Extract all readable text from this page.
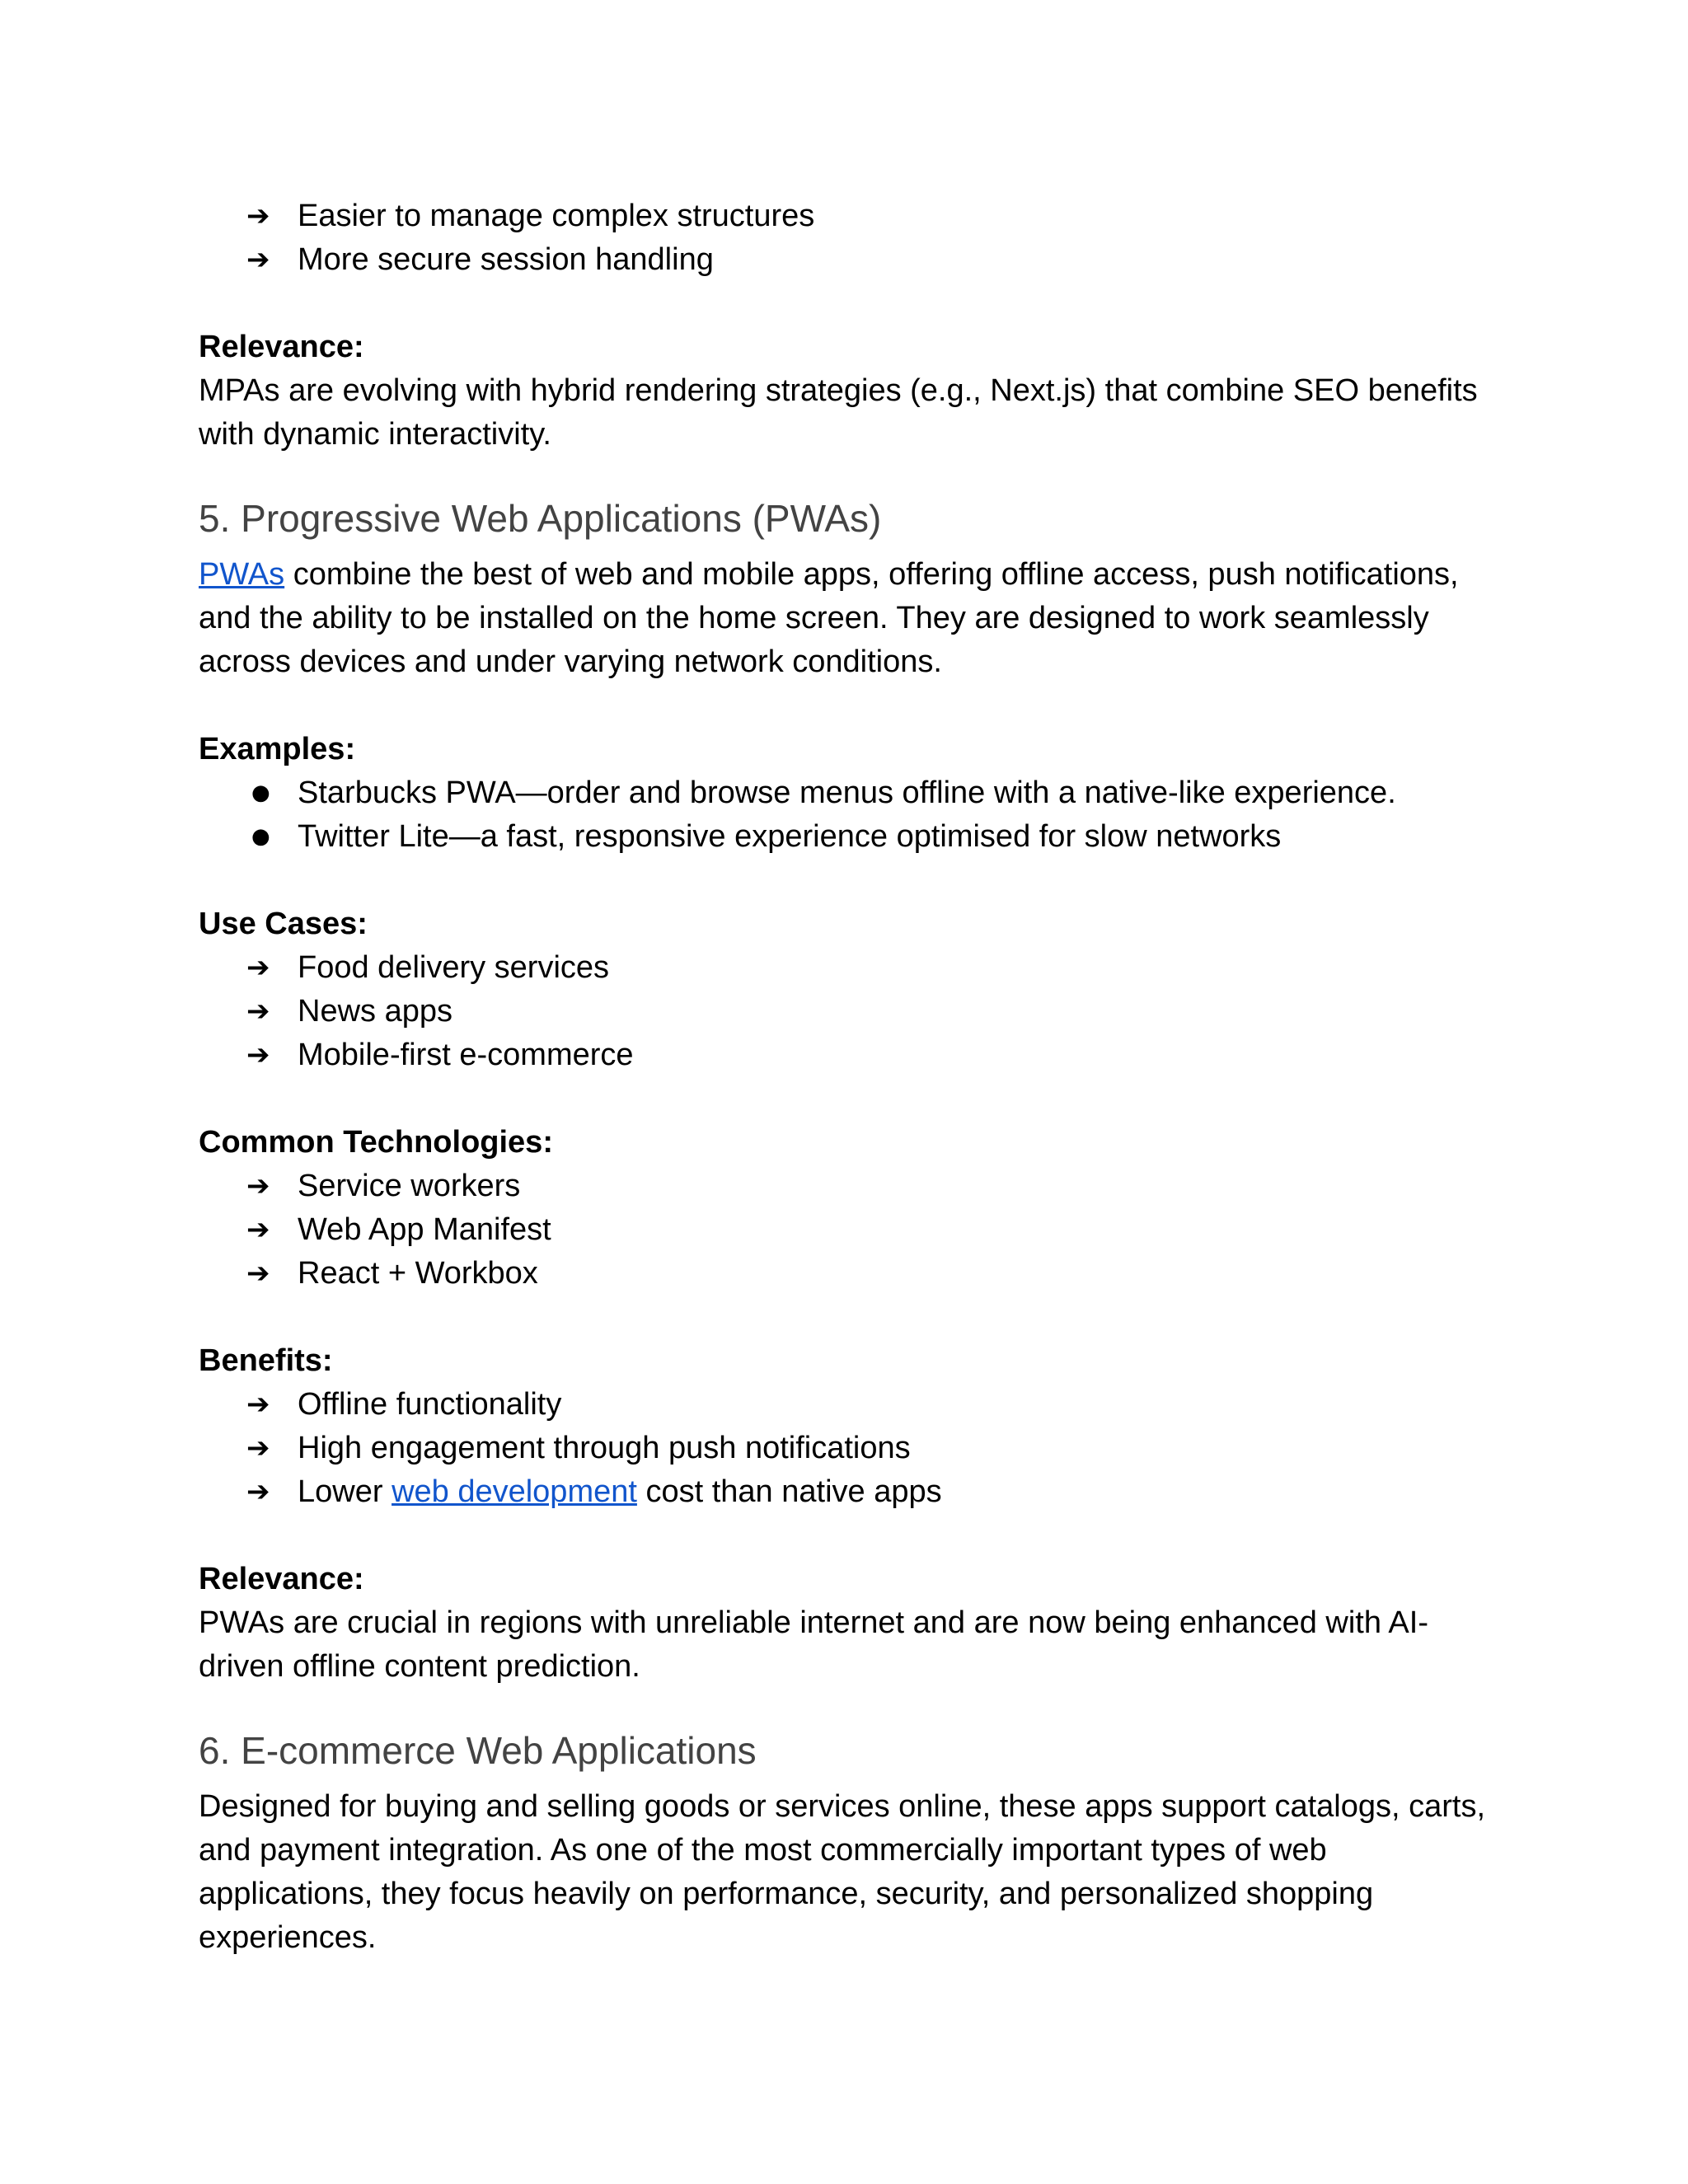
➔ Easier to manage complex structures
➔ More secure session handling

Relevance:

MPAs are evolving with hybrid rendering strategies (e.g., Next.js) that combine SEO benefits with dynamic interactivity.

5. Progressive Web Applications (PWAs)

PWAs combine the best of web and mobile apps, offering offline access, push notifications, and the ability to be installed on the home screen. They are designed to work seamlessly across devices and under varying network conditions.

Examples:

● Starbucks PWA—order and browse menus offline with a native-like experience.
● Twitter Lite—a fast, responsive experience optimised for slow networks

Use Cases:

➔ Food delivery services
➔ News apps
➔ Mobile-first e-commerce

Common Technologies:

➔ Service workers
➔ Web App Manifest
➔ React + Workbox

Benefits:

➔ Offline functionality
➔ High engagement through push notifications
➔ Lower web development cost than native apps

Relevance:

PWAs are crucial in regions with unreliable internet and are now being enhanced with AI-driven offline content prediction.

6. E-commerce Web Applications

Designed for buying and selling goods or services online, these apps support catalogs, carts, and payment integration. As one of the most commercially important types of web applications, they focus heavily on performance, security, and personalized shopping experiences.
